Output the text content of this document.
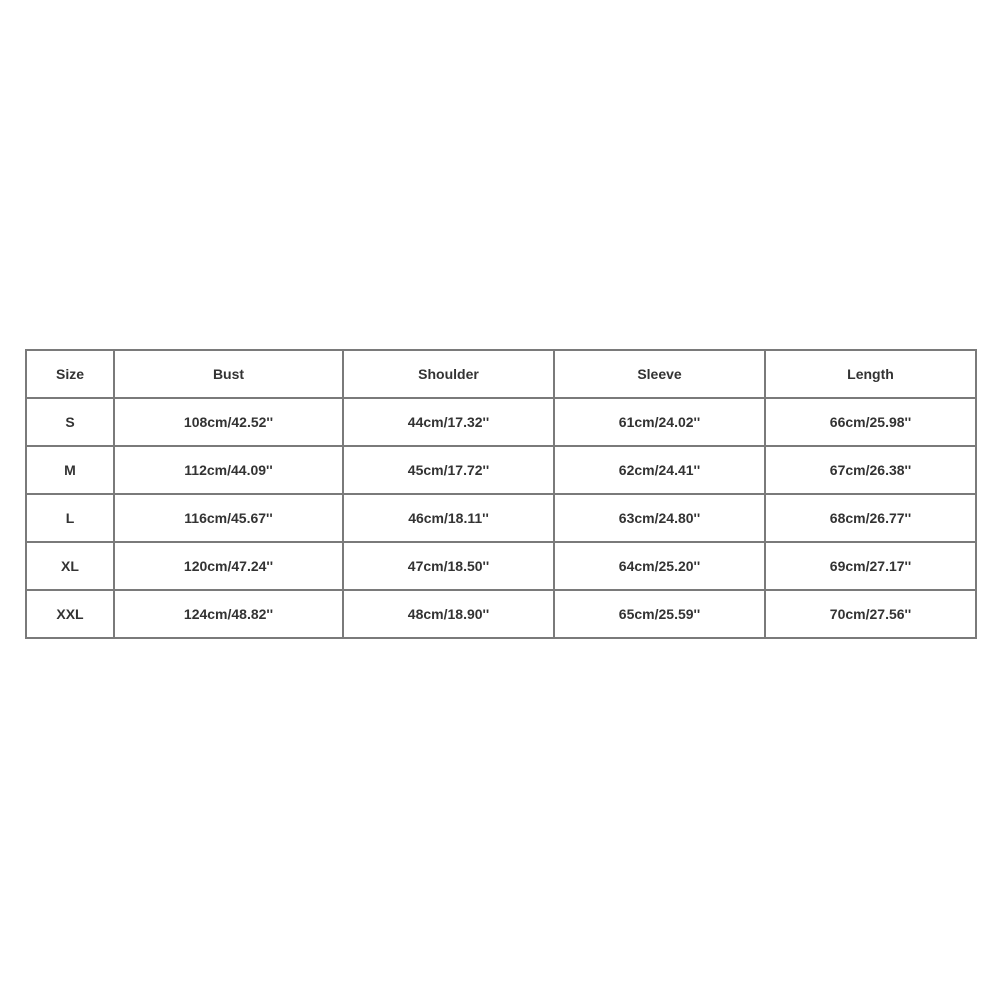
Size	Bust	Shoulder	Sleeve	Length
S	108cm/42.52''	44cm/17.32''	61cm/24.02''	66cm/25.98''
M	112cm/44.09''	45cm/17.72''	62cm/24.41''	67cm/26.38''
L	116cm/45.67''	46cm/18.11''	63cm/24.80''	68cm/26.77''
XL	120cm/47.24''	47cm/18.50''	64cm/25.20''	69cm/27.17''
XXL	124cm/48.82''	48cm/18.90''	65cm/25.59''	70cm/27.56''
